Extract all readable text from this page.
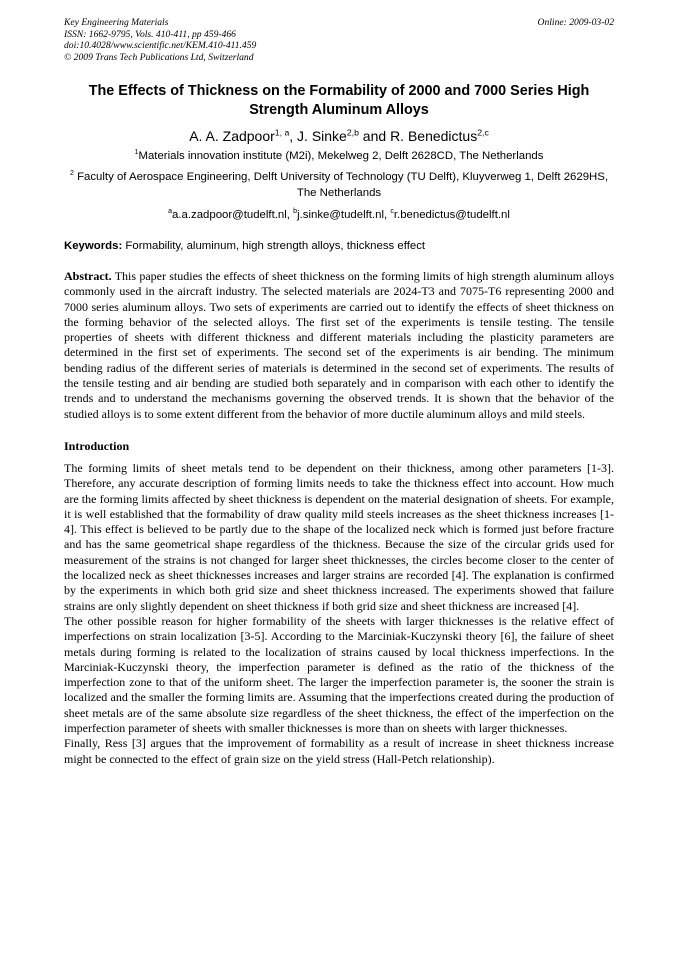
Key Engineering Materials
ISSN: 1662-9795, Vols. 410-411, pp 459-466
doi:10.4028/www.scientific.net/KEM.410-411.459
© 2009 Trans Tech Publications Ltd, Switzerland
Online: 2009-03-02
The Effects of Thickness on the Formability of 2000 and 7000 Series High Strength Aluminum Alloys
A. A. Zadpoor$^{1, a}$, J. Sinke$^{2,b}$ and R. Benedictus$^{2,c}$
$^1$Materials innovation institute (M2i), Mekelweg 2, Delft 2628CD, The Netherlands
$^2$ Faculty of Aerospace Engineering, Delft University of Technology (TU Delft), Kluyverweg 1, Delft 2629HS, The Netherlands
$^a$a.a.zadpoor@tudelft.nl, $^b$j.sinke@tudelft.nl, $^c$r.benedictus@tudelft.nl
Keywords: Formability, aluminum, high strength alloys, thickness effect
Abstract. This paper studies the effects of sheet thickness on the forming limits of high strength aluminum alloys commonly used in the aircraft industry. The selected materials are 2024-T3 and 7075-T6 representing 2000 and 7000 series aluminum alloys. Two sets of experiments are carried out to identify the effects of sheet thickness on the forming behavior of the selected alloys. The first set of the experiments is tensile testing. The tensile properties of sheets with different thickness and different materials including the plasticity parameters are determined in the first set of experiments. The second set of the experiments is air bending. The minimum bending radius of the different series of materials is determined in the second set of experiments. The results of the tensile testing and air bending are studied both separately and in comparison with each other to identify the trends and to understand the mechanisms governing the observed trends. It is shown that the behavior of the studied alloys is to some extent different from the behavior of more ductile aluminum alloys and mild steels.
Introduction

The forming limits of sheet metals tend to be dependent on their thickness, among other parameters [1-3]. Therefore, any accurate description of forming limits needs to take the thickness effect into account. How much are the forming limits affected by sheet thickness is dependent on the material designation of sheets. For example, it is well established that the formability of draw quality mild steels increases as the sheet thickness increases [1-4]. This effect is believed to be partly due to the shape of the localized neck which is formed just before fracture and has the same geometrical shape regardless of the thickness. Because the size of the circular grids used for measurement of the strains is not changed for larger sheet thicknesses, the circles become closer to the center of the localized neck as sheet thicknesses increases and larger strains are recorded [4]. The explanation is confirmed by the experiments in which both grid size and sheet thickness increased. The experiments showed that failure strains are only slightly dependent on sheet thickness if both grid size and sheet thickness are increased [4].

The other possible reason for higher formability of the sheets with larger thicknesses is the relative effect of imperfections on strain localization [3-5]. According to the Marciniak-Kuczynski theory [6], the failure of sheet metals during forming is related to the localization of strains caused by local thickness imperfections. In the Marciniak-Kuczynski theory, the imperfection parameter is defined as the ratio of the thickness of the imperfection zone to that of the uniform sheet. The larger the imperfection parameter is, the sooner the strain is localized and the smaller the forming limits are. Assuming that the imperfections created during the production of sheet metals are of the same absolute size regardless of the sheet thickness, the effect of the imperfection on the imperfection parameter of sheets with smaller thicknesses is more than on sheets with larger thicknesses.

Finally, Ress [3] argues that the improvement of formability as a result of increase in sheet thickness increase might be connected to the effect of grain size on the yield stress (Hall-Petch relationship).
